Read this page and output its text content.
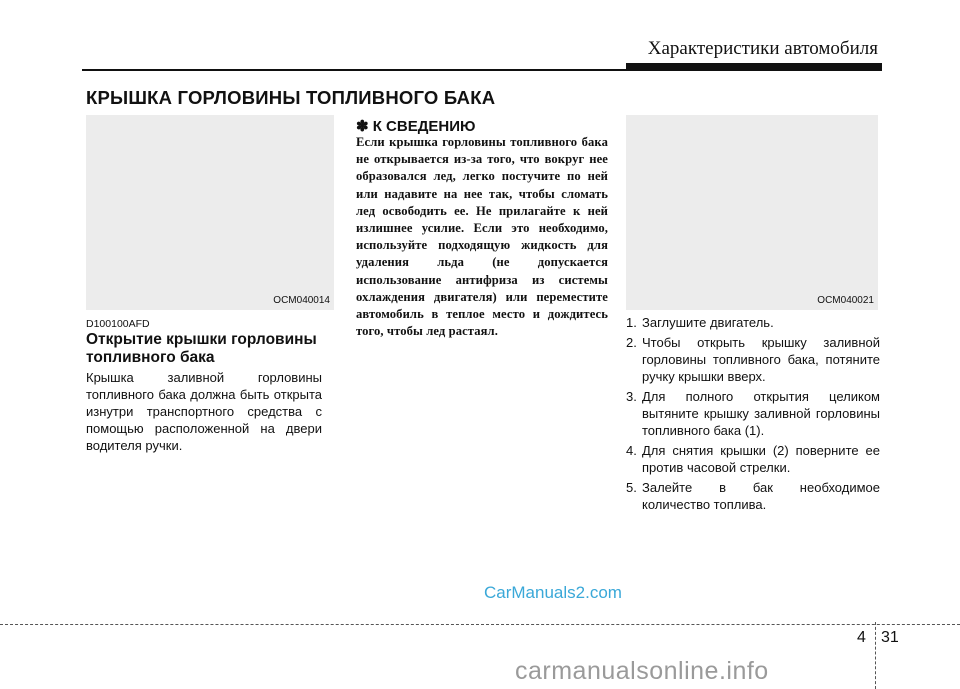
Характеристики автомобиля
КРЫШКА ГОРЛОВИНЫ ТОПЛИВНОГО БАКА
OCM040014
D100100AFD
Открытие крышки горловины топливного бака
Крышка заливной горловины топливного бака должна быть открыта изнутри транспортного средства с помощью расположенной на двери водителя ручки.
✽ К СВЕДЕНИЮ
Если крышка горловины топливного бака не открывается из-за того, что вокруг нее образовался лед, легко постучите по ней или надавите на нее так, чтобы сломать лед освободить ее. Не прилагайте к ней излишнее усилие. Если это необходимо, используйте подходящую жидкость для удаления льда (не допускается использование антифриза из системы охлаждения двигателя) или переместите автомобиль в теплое место и дождитесь того, чтобы лед растаял.
OCM040021
1. Заглушите двигатель.
2. Чтобы открыть крышку заливной горловины топливного бака, потяните ручку крышки вверх.
3. Для полного открытия целиком вытяните крышку заливной горловины топливного бака (1).
4. Для снятия крышки (2) поверните ее против часовой стрелки.
5. Залейте в бак необходимое количество топлива.
CarManuals2.com
4 31
carmanualsonline.info
